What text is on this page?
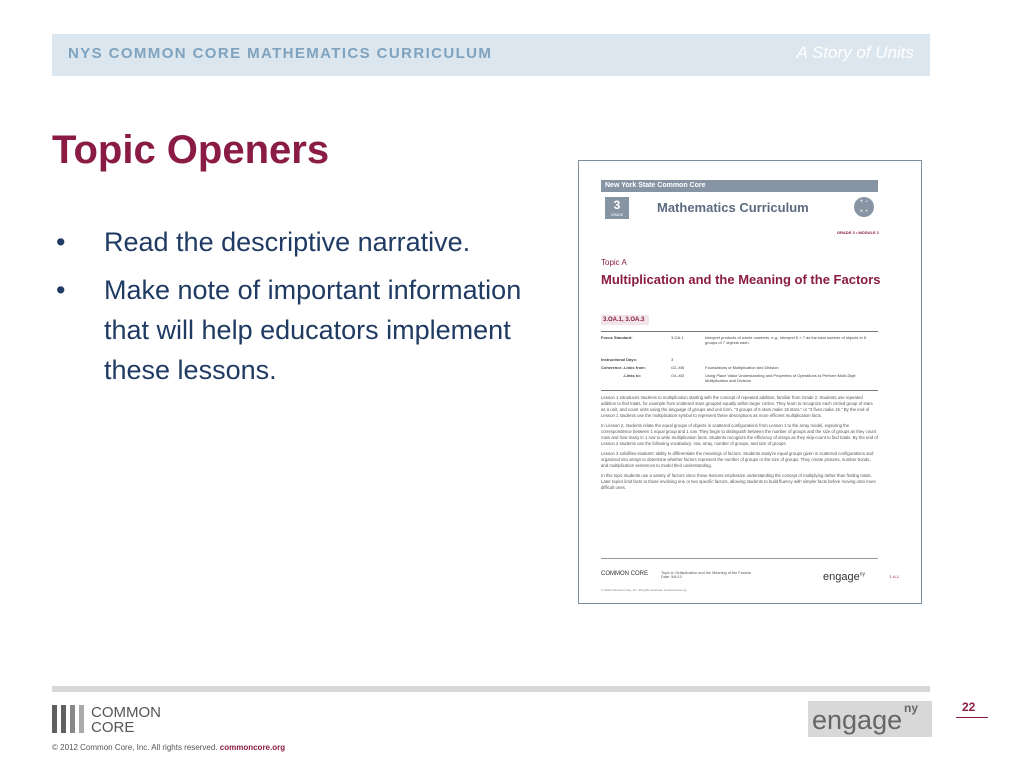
NYS COMMON CORE MATHEMATICS CURRICULUM	A Story of Units
Topic Openers
• Read the descriptive narrative.
• Make note of important information that will help educators implement these lessons.
New York State Common Core
3
GRADE	Mathematics Curriculum	+ −
× ÷
GRADE 3 • MODULE 1
Topic A
Multiplication and the Meaning of the Factors
3.OA.1, 3.OA.3
Focus Standard:	3.OA.1	Interpret products of whole numbers, e.g., interpret 5 × 7 as the total number of objects in 5 groups of 7 objects each.
Instructional Days:	3
Coherence -Links from:	G2–M6	Foundations of Multiplication and Division
-Links to:	G4–M3	Using Place Value Understanding and Properties of Operations to Perform Multi-Digit Multiplication and Division

Lesson 1 introduces students to multiplication starting with the concept of repeated addition, familiar from Grade 2. Students use repeated addition to find totals, for example from scattered stars grouped equally within larger circles. They learn to recognize each circled group of stars as a unit, and count units using the language of groups and unit form. "3 groups of 5 stars make 15 stars," or "3 fives make 15." By the end of Lesson 1 students use the multiplication symbol to represent these descriptions as more efficient multiplication facts.

In Lesson 2, students relate the equal groups of objects in scattered configurations from Lesson 1 to the array model, exploring the correspondence between 1 equal group and 1 row. They begin to distinguish between the number of groups and the size of groups as they count rows and how many in 1 row to write multiplication facts. Students recognize the efficiency of arrays as they skip-count to find totals. By the end of Lesson 2 students use the following vocabulary: row, array, number of groups, and size of groups.

Lesson 3 solidifies students' ability to differentiate the meanings of factors. Students analyze equal groups given in scattered configurations and organized into arrays to determine whether factors represent the number of groups or the size of groups. They create pictures, number bonds, and multiplication sentences to model their understanding.

In this topic students use a variety of factors since these lessons emphasize understanding the concept of multiplying rather than finding totals. Later topics limit facts to those involving one or two specific factors, allowing students to build fluency with simpler facts before moving onto more difficult ones.

COMMON CORE	Topic A: Multiplication and the Meaning of the Factors
Date: 5/6/13	engage$^{ny}$	1.A.1
© 2012 Common Core, Inc. All rights reserved. commoncore.org
COMMON
CORE	engage ny	22
© 2012 Common Core, Inc. All rights reserved. commoncore.org
